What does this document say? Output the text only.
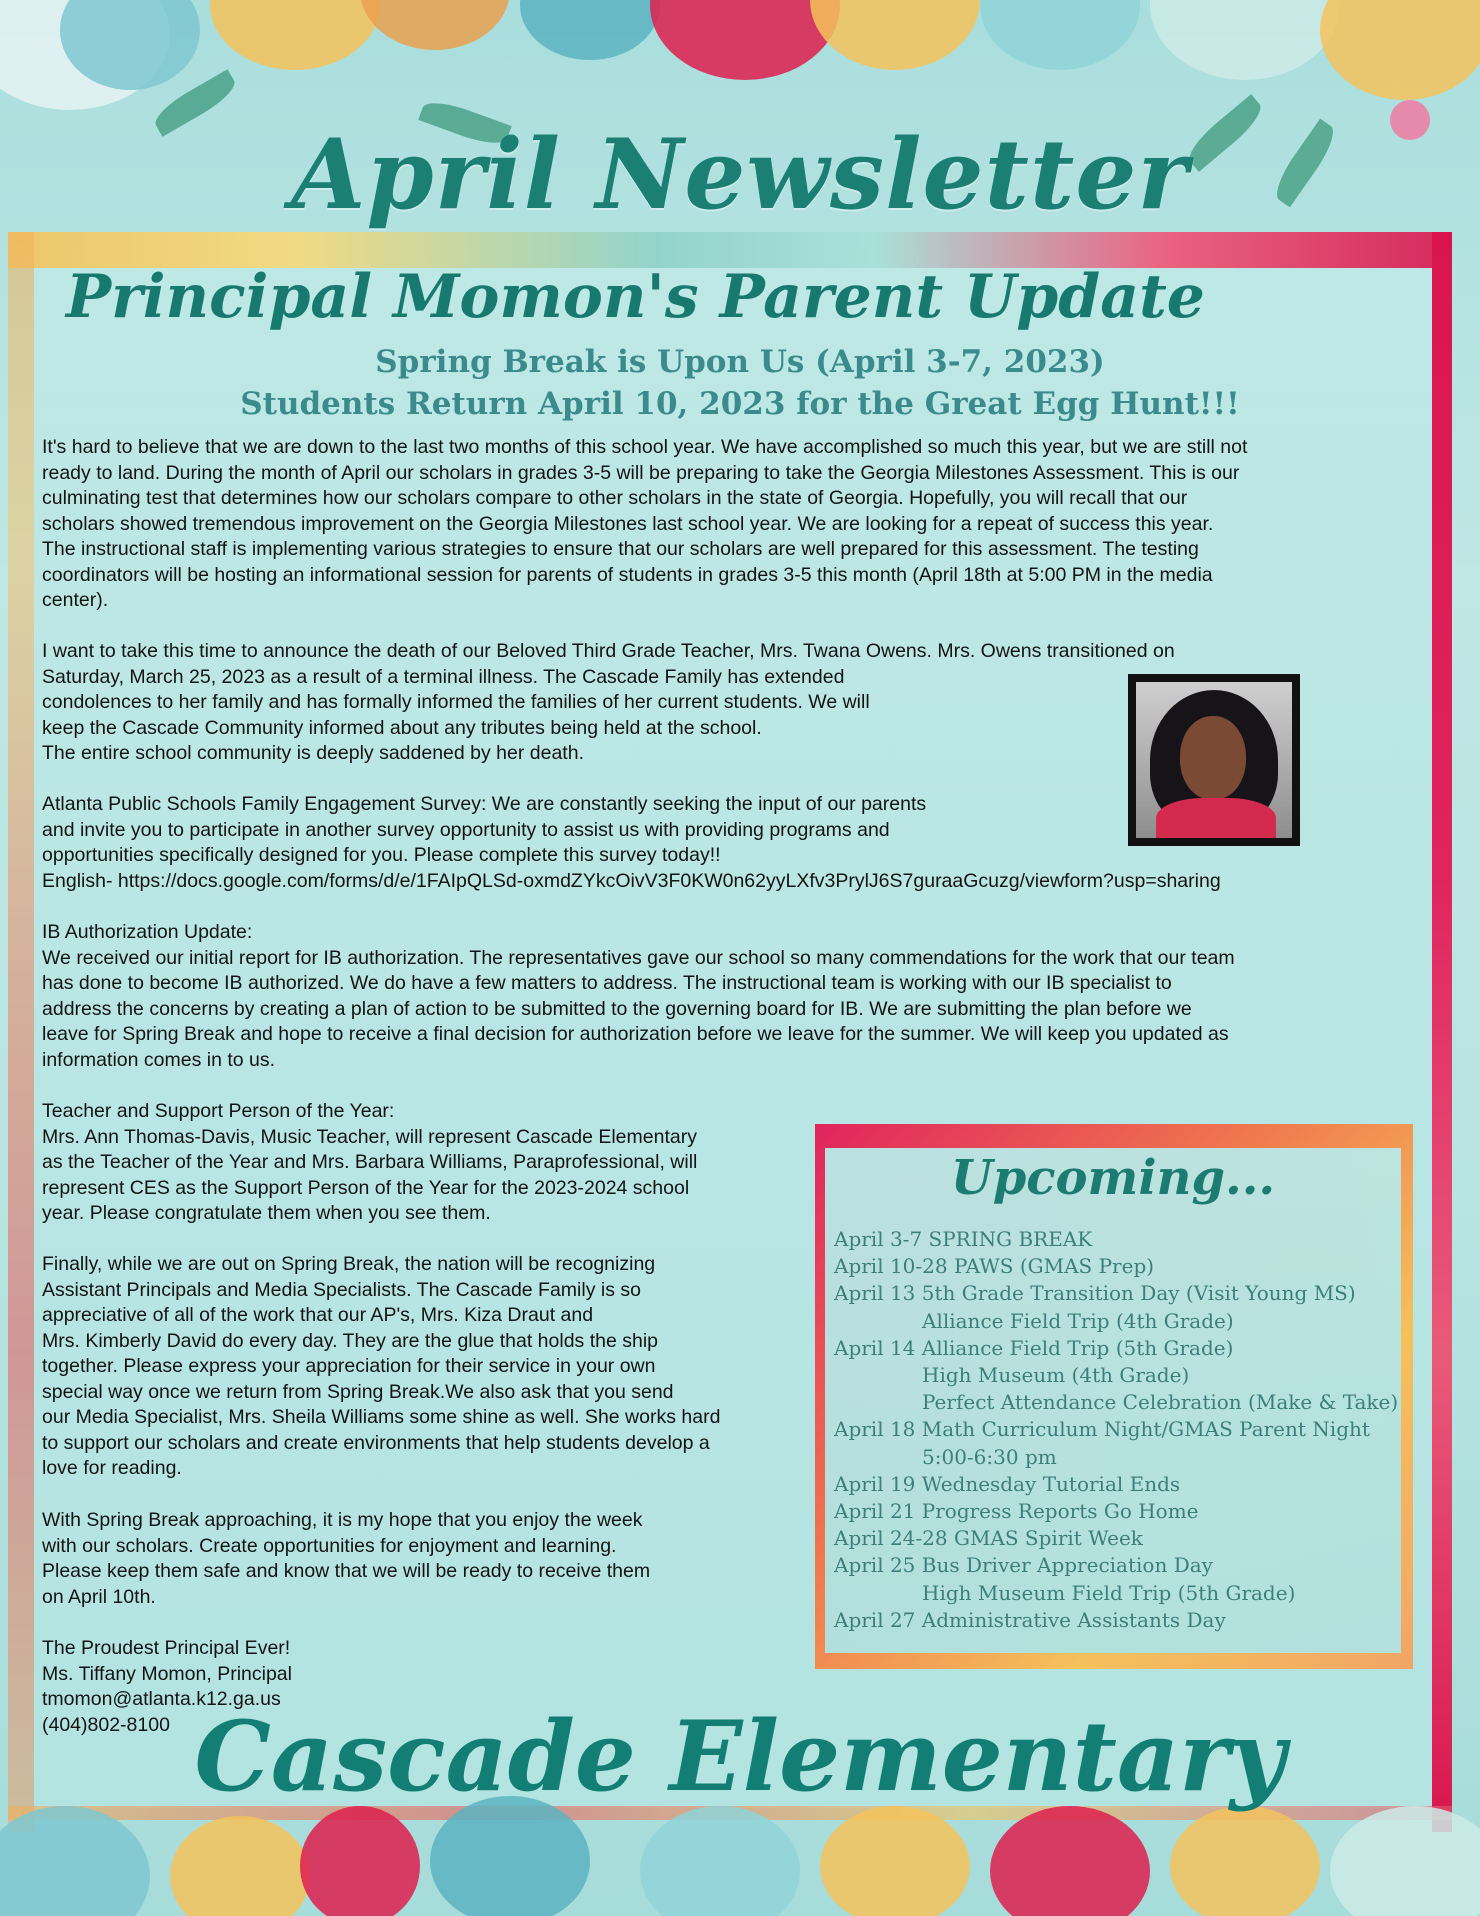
April Newsletter
Principal Momon's Parent Update
Spring Break is Upon Us (April 3-7, 2023)
Students Return April 10, 2023 for the Great Egg Hunt!!!

It's hard to believe that we are down to the last two months of this school year. We have accomplished so much this year, but we are still not
ready to land. During the month of April our scholars in grades 3-5 will be preparing to take the Georgia Milestones Assessment. This is our
culminating test that determines how our scholars compare to other scholars in the state of Georgia. Hopefully, you will recall that our
scholars showed tremendous improvement on the Georgia Milestones last school year. We are looking for a repeat of success this year.
The instructional staff is implementing various strategies to ensure that our scholars are well prepared for this assessment. The testing
coordinators will be hosting an informational session for parents of students in grades 3-5 this month (April 18th at 5:00 PM in the media
center).

I want to take this time to announce the death of our Beloved Third Grade Teacher, Mrs. Twana Owens. Mrs. Owens transitioned on
Saturday, March 25, 2023 as a result of a terminal illness. The Cascade Family has extended
condolences to her family and has formally informed the families of her current students. We will
keep the Cascade Community informed about any tributes being held at the school.
The entire school community is deeply saddened by her death.

Atlanta Public Schools Family Engagement Survey: We are constantly seeking the input of our parents
and invite you to participate in another survey opportunity to assist us with providing programs and
opportunities specifically designed for you. Please complete this survey today!!
English- https://docs.google.com/forms/d/e/1FAIpQLSd-oxmdZYkcOivV3F0KW0n62yyLXfv3PrylJ6S7guraaGcuzg/viewform?usp=sharing

IB Authorization Update:
We received our initial report for IB authorization. The representatives gave our school so many commendations for the work that our team
has done to become IB authorized. We do have a few matters to address. The instructional team is working with our IB specialist to
address the concerns by creating a plan of action to be submitted to the governing board for IB. We are submitting the plan before we
leave for Spring Break and hope to receive a final decision for authorization before we leave for the summer. We will keep you updated as
information comes in to us.

Teacher and Support Person of the Year:
Mrs. Ann Thomas-Davis, Music Teacher, will represent Cascade Elementary
as the Teacher of the Year and Mrs. Barbara Williams, Paraprofessional, will
represent CES as the Support Person of the Year for the 2023-2024 school
year. Please congratulate them when you see them.

Finally, while we are out on Spring Break, the nation will be recognizing
Assistant Principals and Media Specialists. The Cascade Family is so
appreciative of all of the work that our AP's, Mrs. Kiza Draut and
Mrs. Kimberly David do every day. They are the glue that holds the ship
together. Please express your appreciation for their service in your own
special way once we return from Spring Break.We also ask that you send
our Media Specialist, Mrs. Sheila Williams some shine as well. She works hard
to support our scholars and create environments that help students develop a
love for reading.

With Spring Break approaching, it is my hope that you enjoy the week
with our scholars. Create opportunities for enjoyment and learning.
Please keep them safe and know that we will be ready to receive them
on April 10th.

The Proudest Principal Ever!
Ms. Tiffany Momon, Principal
tmomon@atlanta.k12.ga.us
(404)802-8100

Upcoming...
April 3-7 SPRING BREAK
April 10-28 PAWS (GMAS Prep)
April 13 5th Grade Transition Day (Visit Young MS)
Alliance Field Trip (4th Grade)
April 14 Alliance Field Trip (5th Grade)
High Museum (4th Grade)
Perfect Attendance Celebration (Make & Take)
April 18 Math Curriculum Night/GMAS Parent Night
5:00-6:30 pm
April 19 Wednesday Tutorial Ends
April 21 Progress Reports Go Home
April 24-28 GMAS Spirit Week
April 25 Bus Driver Appreciation Day
High Museum Field Trip (5th Grade)
April 27 Administrative Assistants Day
Cascade Elementary
